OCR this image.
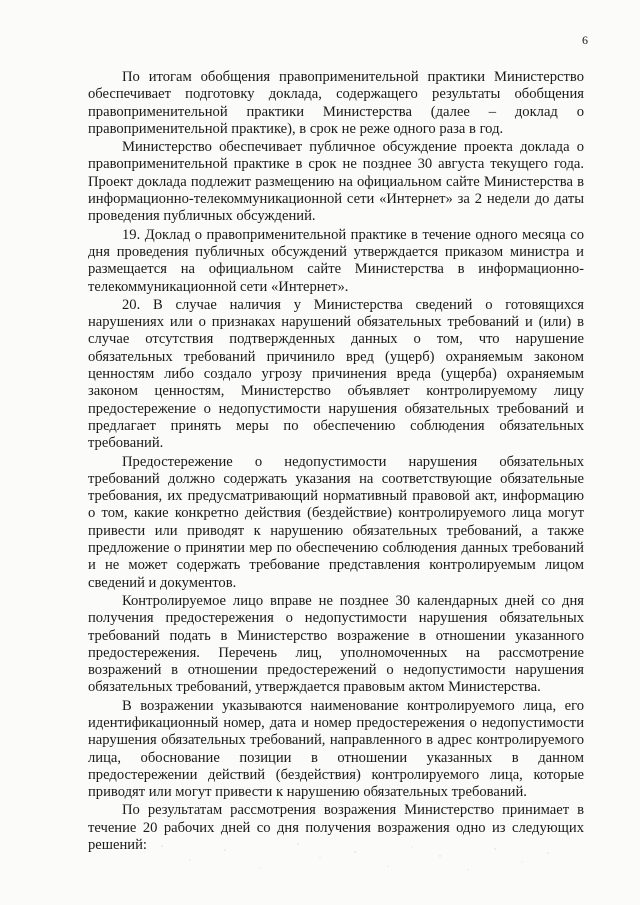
6

По итогам обобщения правоприменительной практики Министерство обеспечивает подготовку доклада, содержащего результаты обобщения правоприменительной практики Министерства (далее – доклад о правоприменительной практике), в срок не реже одного раза в год.

Министерство обеспечивает публичное обсуждение проекта доклада о правоприменительной практике в срок не позднее 30 августа текущего года. Проект доклада подлежит размещению на официальном сайте Министерства в информационно-телекоммуникационной сети «Интернет» за 2 недели до даты проведения публичных обсуждений.

19. Доклад о правоприменительной практике в течение одного месяца со дня проведения публичных обсуждений утверждается приказом министра и размещается на официальном сайте Министерства в информационно-телекоммуникационной сети «Интернет».

20. В случае наличия у Министерства сведений о готовящихся нарушениях или о признаках нарушений обязательных требований и (или) в случае отсутствия подтвержденных данных о том, что нарушение обязательных требований причинило вред (ущерб) охраняемым законом ценностям либо создало угрозу причинения вреда (ущерба) охраняемым законом ценностям, Министерство объявляет контролируемому лицу предостережение о недопустимости нарушения обязательных требований и предлагает принять меры по обеспечению соблюдения обязательных требований.

Предостережение о недопустимости нарушения обязательных требований должно содержать указания на соответствующие обязательные требования, их предусматривающий нормативный правовой акт, информацию о том, какие конкретно действия (бездействие) контролируемого лица могут привести или приводят к нарушению обязательных требований, а также предложение о принятии мер по обеспечению соблюдения данных требований и не может содержать требование представления контролируемым лицом сведений и документов.

Контролируемое лицо вправе не позднее 30 календарных дней со дня получения предостережения о недопустимости нарушения обязательных требований подать в Министерство возражение в отношении указанного предостережения. Перечень лиц, уполномоченных на рассмотрение возражений в отношении предостережений о недопустимости нарушения обязательных требований, утверждается правовым актом Министерства.

В возражении указываются наименование контролируемого лица, его идентификационный номер, дата и номер предостережения о недопустимости нарушения обязательных требований, направленного в адрес контролируемого лица, обоснование позиции в отношении указанных в данном предостережении действий (бездействия) контролируемого лица, которые приводят или могут привести к нарушению обязательных требований.

По результатам рассмотрения возражения Министерство принимает в течение 20 рабочих дней со дня получения возражения одно из следующих решений:
